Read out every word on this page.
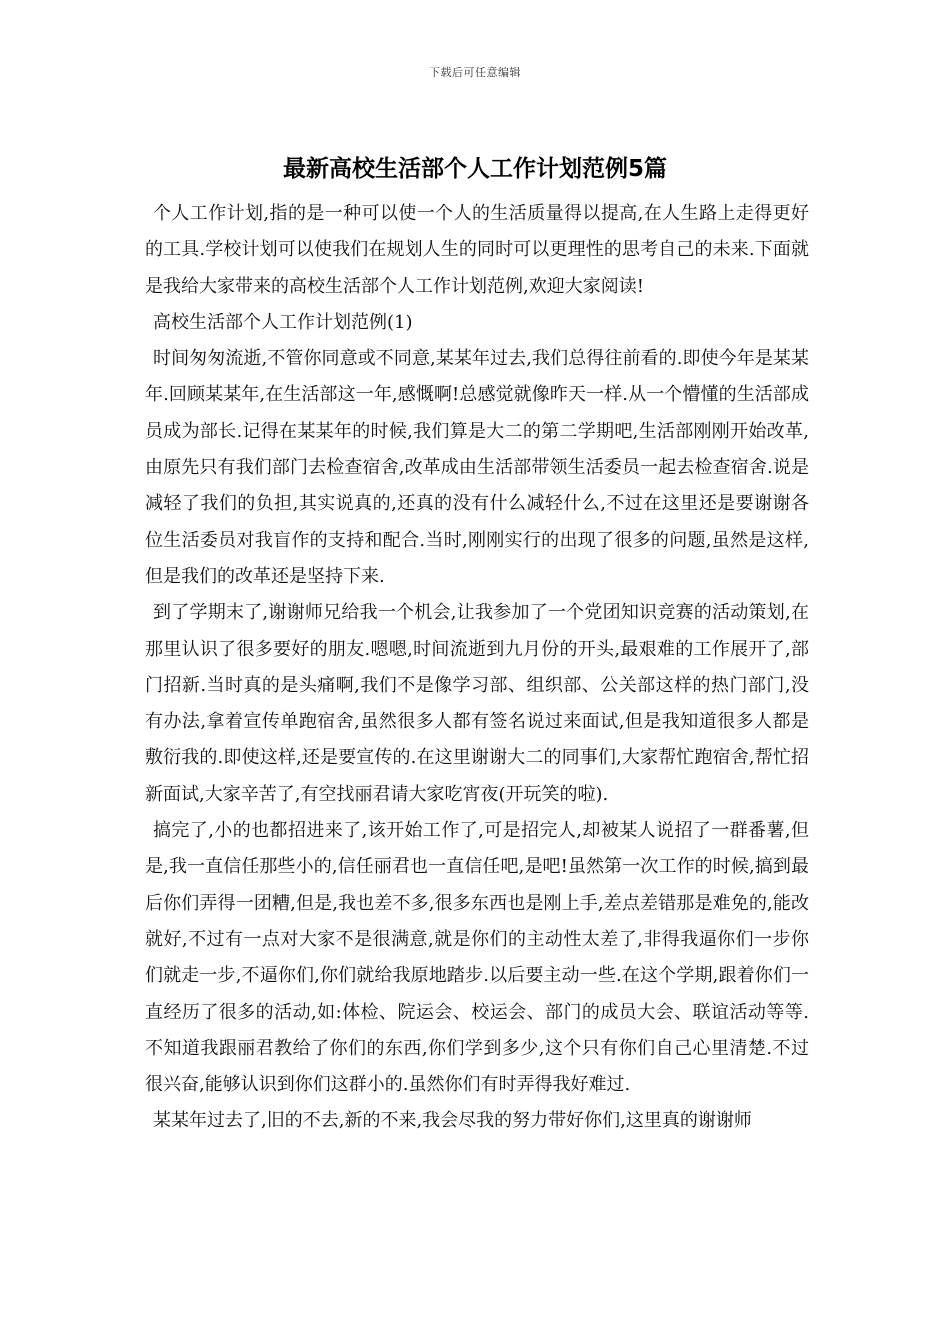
下载后可任意编辑
最新高校生活部个人工作计划范例5篇

个人工作计划,指的是一种可以使一个人的生活质量得以提高,在人生路上走得更好的工具.学校计划可以使我们在规划人生的同时可以更理性的思考自己的未来.下面就是我给大家带来的高校生活部个人工作计划范例,欢迎大家阅读!

高校生活部个人工作计划范例(1)

时间匆匆流逝,不管你同意或不同意,某某年过去,我们总得往前看的.即使今年是某某年.回顾某某年,在生活部这一年,感慨啊!总感觉就像昨天一样.从一个懵懂的生活部成员成为部长.记得在某某年的时候,我们算是大二的第二学期吧,生活部刚刚开始改革,由原先只有我们部门去检查宿舍,改革成由生活部带领生活委员一起去检查宿舍.说是减轻了我们的负担,其实说真的,还真的没有什么减轻什么,不过在这里还是要谢谢各位生活委员对我盲作的支持和配合.当时,刚刚实行的出现了很多的问题,虽然是这样,但是我们的改革还是坚持下来.

到了学期末了,谢谢师兄给我一个机会,让我参加了一个党团知识竞赛的活动策划,在那里认识了很多要好的朋友.嗯嗯,时间流逝到九月份的开头,最艰难的工作展开了,部门招新.当时真的是头痛啊,我们不是像学习部、组织部、公关部这样的热门部门,没有办法,拿着宣传单跑宿舍,虽然很多人都有签名说过来面试,但是我知道很多人都是敷衍我的.即使这样,还是要宣传的.在这里谢谢大二的同事们,大家帮忙跑宿舍,帮忙招新面试,大家辛苦了,有空找丽君请大家吃宵夜(开玩笑的啦).

搞完了,小的也都招进来了,该开始工作了,可是招完人,却被某人说招了一群番薯,但是,我一直信任那些小的,信任丽君也一直信任吧,是吧!虽然第一次工作的时候,搞到最后你们弄得一团糟,但是,我也差不多,很多东西也是刚上手,差点差错那是难免的,能改就好,不过有一点对大家不是很满意,就是你们的主动性太差了,非得我逼你们一步你们就走一步,不逼你们,你们就给我原地踏步.以后要主动一些.在这个学期,跟着你们一直经历了很多的活动,如:体检、院运会、校运会、部门的成员大会、联谊活动等等.不知道我跟丽君教给了你们的东西,你们学到多少,这个只有你们自己心里清楚.不过很兴奋,能够认识到你们这群小的.虽然你们有时弄得我好难过.

某某年过去了,旧的不去,新的不来,我会尽我的努力带好你们,这里真的谢谢师
